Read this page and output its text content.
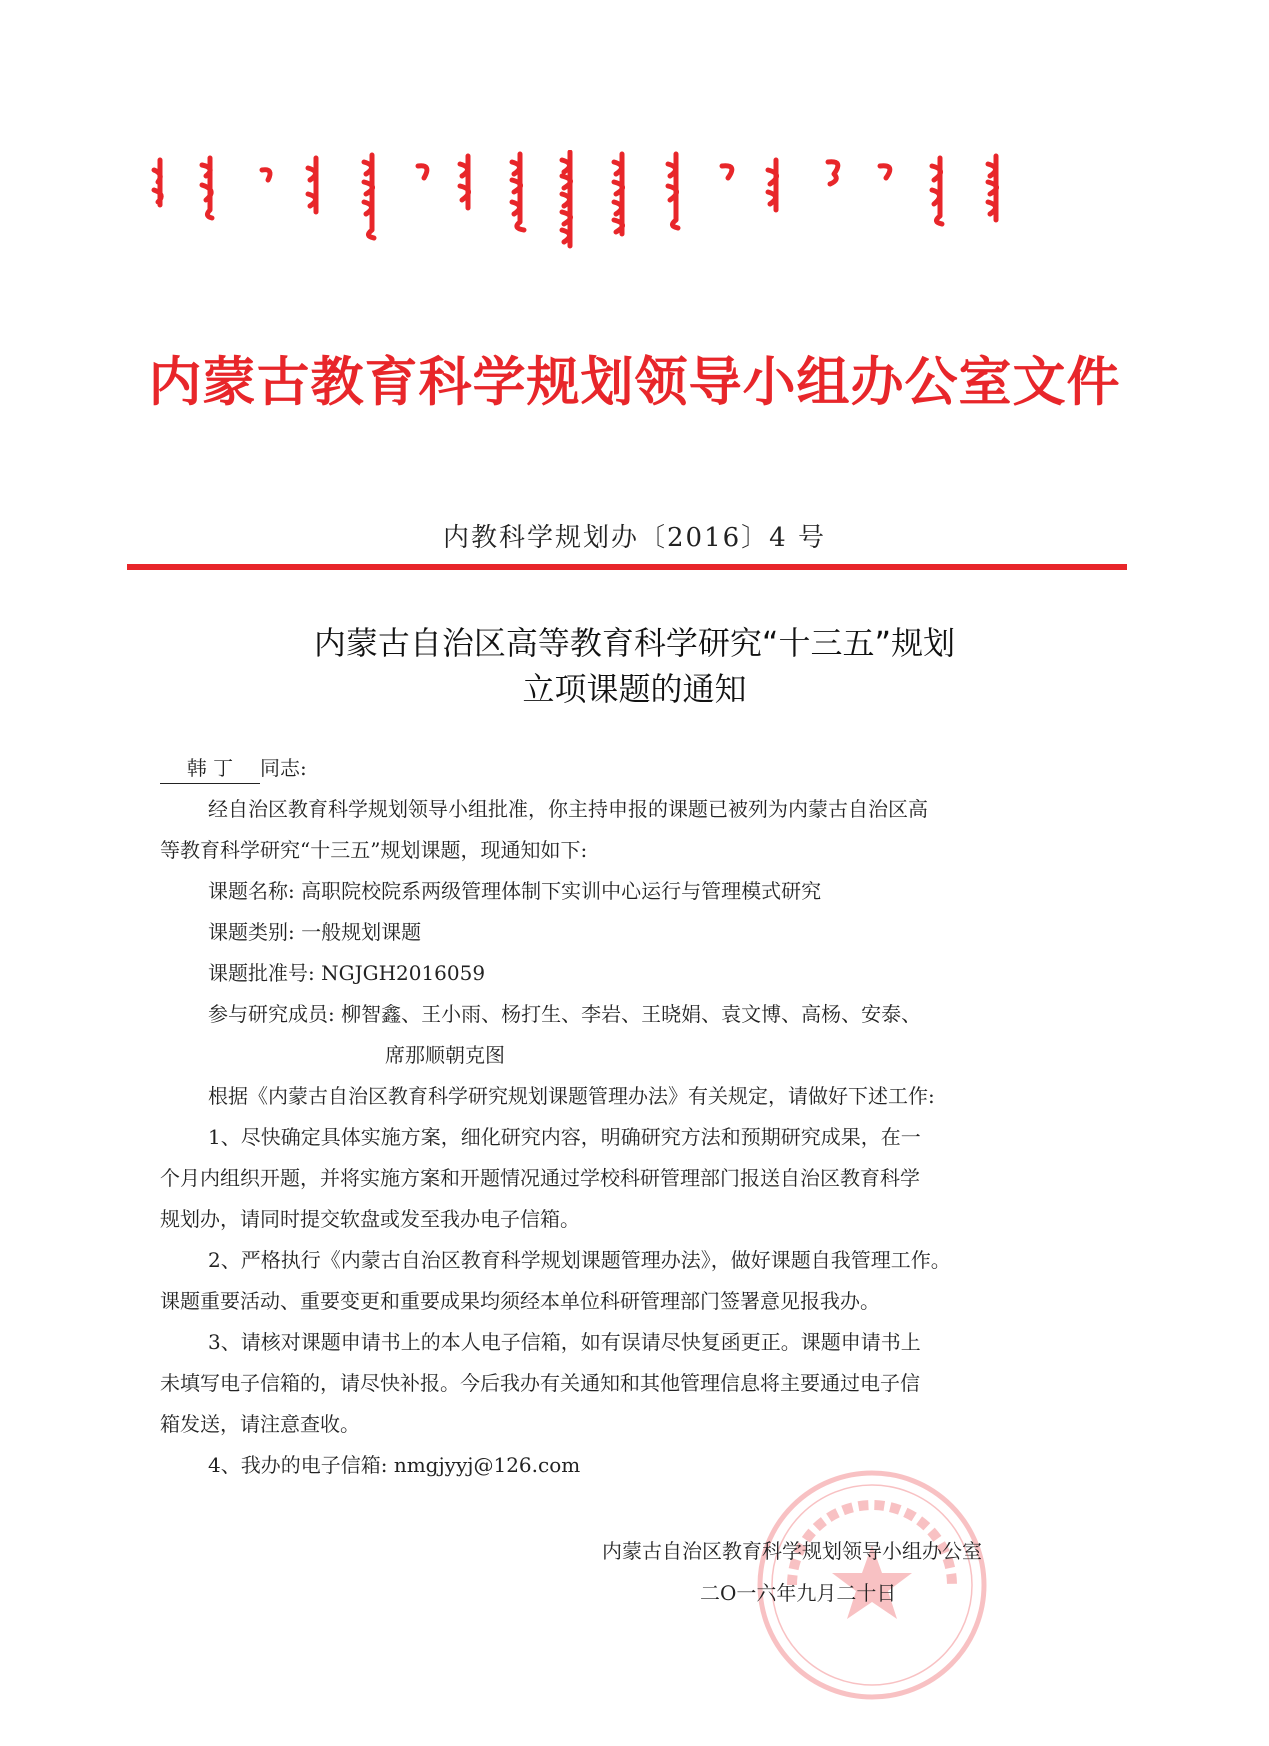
内蒙古教育科学规划领导小组办公室文件
内教科学规划办〔2016〕4 号
内蒙古自治区高等教育科学研究“十三五”规划
立项课题的通知
韩 丁 同志:
经自治区教育科学规划领导小组批准，你主持申报的课题已被列为内蒙古自治区高
等教育科学研究“十三五”规划课题，现通知如下:
课题名称: 高职院校院系两级管理体制下实训中心运行与管理模式研究
课题类别: 一般规划课题
课题批准号: NGJGH2016059
参与研究成员: 柳智鑫、王小雨、杨打生、李岩、王晓娟、袁文博、高杨、安泰、
席那顺朝克图
根据《内蒙古自治区教育科学研究规划课题管理办法》有关规定，请做好下述工作:
1、尽快确定具体实施方案，细化研究内容，明确研究方法和预期研究成果，在一
个月内组织开题，并将实施方案和开题情况通过学校科研管理部门报送自治区教育科学
规划办，请同时提交软盘或发至我办电子信箱。
2、严格执行《内蒙古自治区教育科学规划课题管理办法》，做好课题自我管理工作。
课题重要活动、重要变更和重要成果均须经本单位科研管理部门签署意见报我办。
3、请核对课题申请书上的本人电子信箱，如有误请尽快复函更正。课题申请书上
未填写电子信箱的，请尽快补报。今后我办有关通知和其他管理信息将主要通过电子信
箱发送，请注意查收。
4、我办的电子信箱: nmgjyyj@126.com
内蒙古自治区教育科学规划领导小组办公室
二O一六年九月二十日
